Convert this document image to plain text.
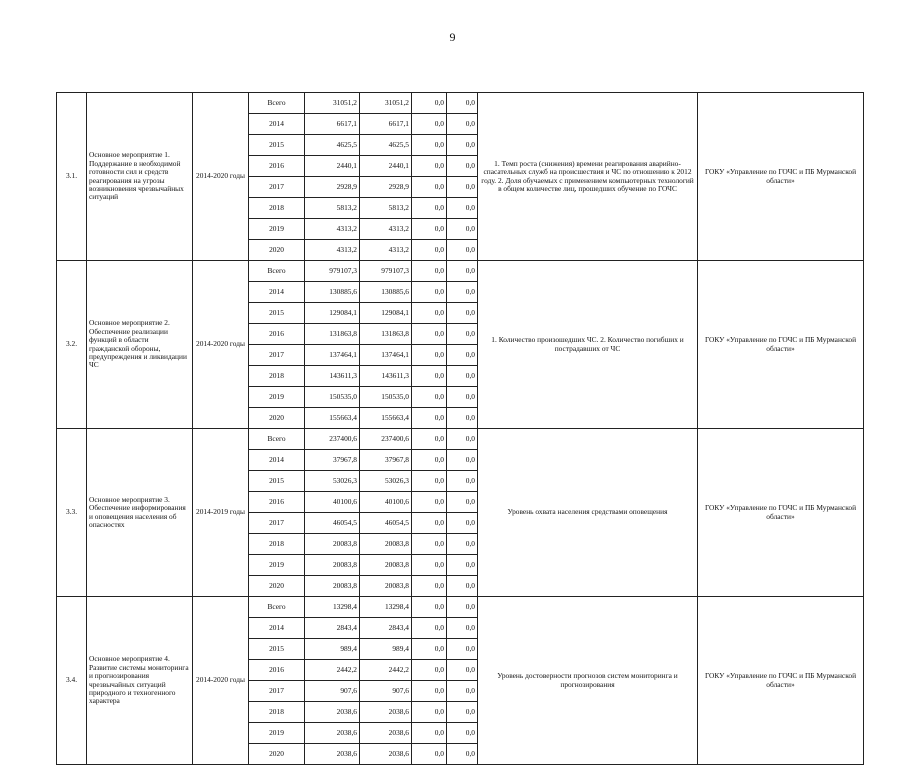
9
3.1.	Основное мероприятие 1. Поддержание в необходимой готовности сил и средств реагирования на угрозы возникновения чрезвычайных ситуаций	2014-2020 годы	Всего	31051,2	31051,2	0,0	0,0	1. Темп роста (снижения) времени реагирования аварийно-спасательных служб на происшествия и ЧС по отношению к 2012 году. 2. Доля обучаемых с применением компьютерных технологий в общем количестве лиц, прошедших обучение по ГОЧС	ГОКУ «Управление по ГОЧС и ПБ Мурманской области»
			2014	6617,1	6617,1	0,0	0,0		
			2015	4625,5	4625,5	0,0	0,0		
			2016	2440,1	2440,1	0,0	0,0		
			2017	2928,9	2928,9	0,0	0,0		
			2018	5813,2	5813,2	0,0	0,0		
			2019	4313,2	4313,2	0,0	0,0		
			2020	4313,2	4313,2	0,0	0,0		
3.2.	Основное мероприятие 2. Обеспечение реализации функций в области гражданской обороны, предупреждения и ликвидации ЧС	2014-2020 годы	Всего	979107,3	979107,3	0,0	0,0	1. Количество произошедших ЧС. 2. Количество погибших и пострадавших от ЧС	ГОКУ «Управление по ГОЧС и ПБ Мурманской области»
			2014	130885,6	130885,6	0,0	0,0		
			2015	129084,1	129084,1	0,0	0,0		
			2016	131863,8	131863,8	0,0	0,0		
			2017	137464,1	137464,1	0,0	0,0		
			2018	143611,3	143611,3	0,0	0,0		
			2019	150535,0	150535,0	0,0	0,0		
			2020	155663,4	155663,4	0,0	0,0		
3.3.	Основное мероприятие 3. Обеспечение информирования и оповещения населения об опасностях	2014-2019 годы	Всего	237400,6	237400,6	0,0	0,0	Уровень охвата населения средствами оповещения	ГОКУ «Управление по ГОЧС и ПБ Мурманской области»
			2014	37967,8	37967,8	0,0	0,0		
			2015	53026,3	53026,3	0,0	0,0		
			2016	40100,6	40100,6	0,0	0,0		
			2017	46054,5	46054,5	0,0	0,0		
			2018	20083,8	20083,8	0,0	0,0		
			2019	20083,8	20083,8	0,0	0,0		
			2020	20083,8	20083,8	0,0	0,0		
3.4.	Основное мероприятие 4. Развитие системы мониторинга и прогнозирования чрезвычайных ситуаций природного и техногенного характера	2014-2020 годы	Всего	13298,4	13298,4	0,0	0,0	Уровень достоверности прогнозов систем мониторинга и прогнозирования	ГОКУ «Управление по ГОЧС и ПБ Мурманской области»
			2014	2843,4	2843,4	0,0	0,0		
			2015	989,4	989,4	0,0	0,0		
			2016	2442,2	2442,2	0,0	0,0		
			2017	907,6	907,6	0,0	0,0		
			2018	2038,6	2038,6	0,0	0,0		
			2019	2038,6	2038,6	0,0	0,0		
			2020	2038,6	2038,6	0,0	0,0		
